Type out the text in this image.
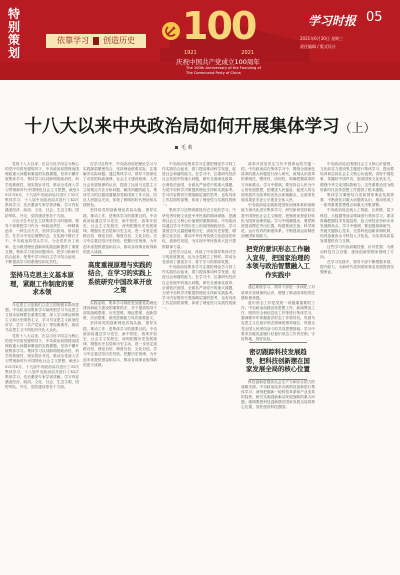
特别策划
依靠学习 创造历史 100
1921	2021
庆祝中国共产党成立100周年
The 100th Anniversary of the Founding of The Communist Party of China
学习时报 05
2021年6月30日 星期三
责任编辑 / 版式设计
十八大以来中央政治局如何开展集体学习（上）
毛 莉

党的十八大以来，在以习近平同志为核心的党中央的坚强领导下，中央政治局围绕治国理政重大问题和紧迫的实践课题，坚持不懈开展集体学习。集体学习以其鲜明的政治性、科学的系统性、现实的针对性，推动全党深入学习贯彻新时代中国特色社会主义思想。截至2021年6月，十九届中央政治局共进行了31次集体学习，十八届中央政治局共进行了43次集体学习，先后邀请专家学者讲解，学习内容涵盖经济、政治、文化、社会、生态文明、国防军队、外交、党的建设等各个方面。

习近平总书记在主持集体学习时强调，领导干部要把学习作为一种政治责任、一种精神追求、一种生活方式，坚持学以致用、用以促学，在学习中坚定理想信念，在实践中增长才干。中央政治局带头学习，为全党作出了表率，也为推进理论创新和实践创新提供了重要支撑。集体学习坚持问题导向，把学习和研究结合起来，把集中学习和自主学习结合起来，不断提高学习的系统性和实效性。

坚持马克思主义基本原理，紧跟工作制度的要求本领

马克思主义是我们立党立国的根本指导思想。中央政治局集体学习始终把学习马克思主义基本原理摆在重要位置，深入学习辩证唯物主义和历史唯物主义，学习马克思主义政治经济学，学习《共产党宣言》等经典著作，推动马克思主义中国化时代化大众化。

党的十八大以来，在以习近平同志为核心的党中央的坚强领导下，中央政治局围绕治国理政重大问题和紧迫的实践课题，坚持不懈开展集体学习。集体学习以其鲜明的政治性、科学的系统性、现实的针对性，推动全党深入学习贯彻新时代中国特色社会主义思想。截至2021年6月，十九届中央政治局共进行了31次集体学习，十八届中央政治局共进行了43次集体学习，先后邀请专家学者讲解，学习内容涵盖经济、政治、文化、社会、生态文明、国防军队、外交、党的建设等各个方面。

在学习过程中，中央政治局把理论学习与实践探索紧密结合，坚持理论联系实际，注重解决实际问题。通过集体学习，领导干部深化了对党的执政规律、社会主义建设规律、人类社会发展规律的认识，提高了运用马克思主义立场观点方法分析问题、解决问题的能力。集体学习的议题设置紧扣党和国家工作大局，回应人民群众关切，体现了鲜明的时代特征和实践特色。

坚持用党的创新理论武装头脑，指导实践、推动工作，是集体学习的重要目的。中央政治局通过学习党史、新中国史、改革开放史、社会主义发展史，深刻把握历史发展规律，增强历史自觉和历史主动，进一步坚定道路自信、理论自信、制度自信、文化自信。学习中注重总结历史经验，把握历史规律，为开创未来提供借鉴和启示，推动各项事业取得新的更大成就。

高度重视原理与实践的结合，在学习的实践上系统研究中国改革开放之策

实践证明，集体学习制度是加强党的理论建设和能力建设的重要抓手，对于提高领导干部的战略思维、历史思维、辩证思维、创新思维、法治思维、底线思维能力具有重要意义。

坚持用党的创新理论武装头脑，指导实践、推动工作，是集体学习的重要目的。中央政治局通过学习党史、新中国史、改革开放史、社会主义发展史，深刻把握历史发展规律，增强历史自觉和历史主动，进一步坚定道路自信、理论自信、制度自信、文化自信。学习中注重总结历史经验，把握历史规律，为开创未来提供借鉴和启示，推动各项事业取得新的更大成就。

中央政治局集体学习注重把理论学习同工作实践结合起来，着力提高推动科学发展、促进社会和谐的能力。在学习中，注重研究经济社会发展中的重大问题，研究全面深化改革、全面依法治国、全面从严治党中的重大课题，为党中央科学决策提供理论支持和实践参考。学习内容既有宏观战略层面的思考，也有具体工作层面的部署，体现了理论性与实践性的统一。

集体学习还特别重视历史文化的学习。中华优秀传统文化是中华民族的精神命脉，是涵养社会主义核心价值观的重要源泉。中央政治局通过学习中国历史上的治国理政经验、学习我国古代反腐倡廉的历史，汲取历史智慧，增强文化自信，推动中华优秀传统文化创造性转化、创新性发展，为实现中华民族伟大复兴提供精神力量。

这些学习活动，体现了中央领导集体对学习的高度重视，也为全党树立了榜样，带动全党形成了重视学习、善于学习的浓厚氛围。

中央政治局集体学习注重把理论学习同工作实践结合起来，着力提高推动科学发展、促进社会和谐的能力。在学习中，注重研究经济社会发展中的重大问题，研究全面深化改革、全面依法治国、全面从严治党中的重大课题，为党中央科学决策提供理论支持和实践参考。学习内容既有宏观战略层面的思考，也有具体工作层面的部署，体现了理论性与实践性的统一。

改革开放是决定当代中国命运的关键一招。中央政治局在集体学习中，围绕全面深化改革的重大问题进行深入研究，深刻认识改革的系统性、整体性、协同性，准确把握改革的方向和重点。学习中强调，要坚持以人民为中心的发展思想，把增进人民福祉、促进人的全面发展作为改革的出发点和落脚点，让改革发展成果更多更公平惠及全体人民。

中央政治局还就推进国家治理体系和治理能力现代化进行集体学习，研究如何坚持和完善中国特色社会主义制度，把制度优势更好转化为国家治理效能。学习中明确提出，要把制度建设摆在突出位置，构建系统完备、科学规范、运行有效的制度体系，不断提高运用制度治理国家的能力。

把党的意识形态工作融入宣传，把国家治理的本领与政治智慧融入工作实践中

通过系统学习，领导干部进一步深化了对改革开放规律的认识，增强了推动改革的责任感和使命感。

意识形态工作是党的一项极端重要的工作。中央政治局就宣传思想工作、新闻舆论工作、网络安全和信息化工作等进行集体学习，强调要牢牢掌握意识形态工作领导权，巩固马克思主义在意识形态领域的指导地位，巩固全党全国人民团结奋斗的共同思想基础。学习中要求各级党委履行好意识形态工作责任制，守好阵地、管好队伍。

密切跟踪科技发展趋势，把科技创新摆在国家发展全局的核心位置

科技创新是提高社会生产力和综合国力的战略支撑。中央政治局多次就科技创新进行集体学习，深刻把握新一轮科技革命和产业变革的趋势，研究实施创新驱动发展战略的重大问题，强调要把科技创新摆在国家发展全局的核心位置，加快建设科技强国。

中央政治局还围绕社会主义核心价值观、文化软实力建设等主题进行集体学习，提出要培育和弘扬社会主义核心价值观，讲好中国故事，传播好中国声音，提高国家文化软实力，增强中华文化国际影响力。这些重要论述为做好新时代宣传思想工作提供了根本遵循。

集体学习紧密结合党和国家事业发展需要，不断深化对重大问题的认识，推动形成了一系列重要思想观点和重大决策部署。

中央政治局还就人工智能、区块链、量子科技、大数据等前沿领域进行集体学习，要求准确把握技术发展趋势，抢占科技竞争和未来发展制高点。学习中强调，要加强基础研究，突破关键核心技术，完善科技创新体制机制，培养造就高水平科技人才队伍，为实现高质量发展提供有力支撑。

这些学习内容前瞻性强、针对性强，为推动科技自立自强、建设创新型国家指明了方向。

在学习实践中，领导干部不断增强本领，提升能力，为新时代党和国家事业发展提供坚强保证。
